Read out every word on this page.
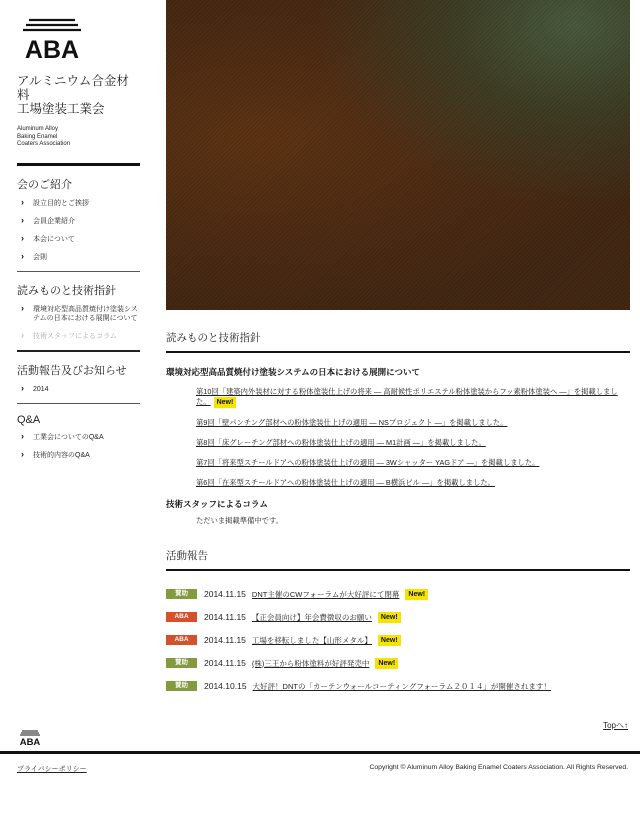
ABA
アルミニウム合金材料
工場塗装工業会
Aluminum Alloy
Baking Enamel
Coaters Association
会のご紹介
› 設立目的とご挨拶
› 会員企業紹介
› 本会について
› 会則
読みものと技術指針
› 環境対応型高品質焼付け塗装システムの日本における展開について
› 技術スタッフによるコラム
活動報告及びお知らせ
› 2014
Q&A
› 工業会についてのQ&A
› 技術的内容のQ&A
読みものと技術指針
環境対応型高品質焼付け塗装システムの日本における展開について
第10回「建築内外装材に対する粉体塗装仕上げの将来 — 高耐候性ポリエステル粉体塗装からフッ素粉体塗装へ —」を掲載しました。 New!
第9回「壁パンチング部材への粉体塗装仕上げの適用 — NSプロジェクト —」を掲載しました。
第8回「床グレーチング部材への粉体塗装仕上げの適用 — M1計画 —」を掲載しました。
第7回「将来型スチールドアへの粉体塗装仕上げの適用 — 3Wシャッター YAGドア —」を掲載しました。
第6回「在来型スチールドアへの粉体塗装仕上げの適用 — B横浜ビル —」を掲載しました。
技術スタッフによるコラム
ただいま掲載準備中です。
活動報告
賛助	2014.11.15 DNT主催のCWフォーラムが大好評にて閉幕	New!
ABA	2014.11.15 【正会員向け】年会費徴収のお願い	New!
ABA	2014.11.15 工場を移転しました【山形メタル】	New!
賛助	2014.11.15 (株)三王から粉体塗料が好評発売中	New!
賛助	2014.10.15 大好評！DNTの「カーテンウォールコーティングフォーラム２０１４」が開催されます！
Topへ↑
ABA
プライバシーポリシー	Copyright © Aluminum Alloy Baking Enamel Coaters Association. All Rights Reserved.
